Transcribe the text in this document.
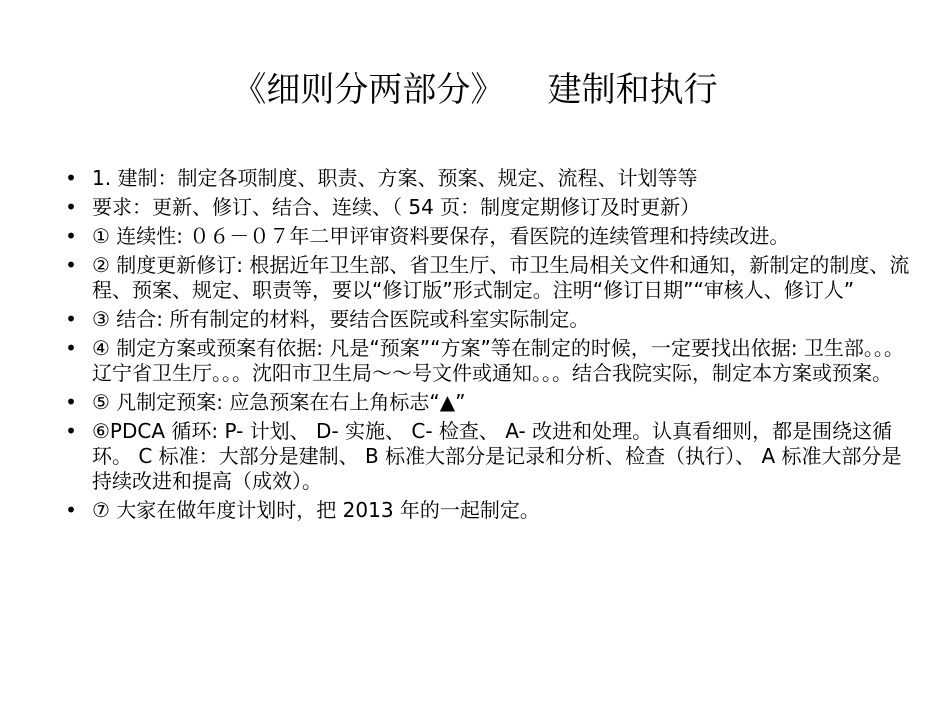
《细则分两部分》    建制和执行
• 1. 建制：制定各项制度、职责、方案、预案、规定、流程、计划等等
• 要求：更新、修订、结合、连续、（ 54 页：制度定期修订及时更新）
• ① 连续性: ０６－０７年二甲评审资料要保存，看医院的连续管理和持续改进。
• ② 制度更新修订: 根据近年卫生部、省卫生厅、市卫生局相关文件和通知，新制定的制度、流程、预案、规定、职责等，要以“修订版”形式制定。注明“修订日期”“审核人、修订人”
• ③ 结合: 所有制定的材料，要结合医院或科室实际制定。
• ④ 制定方案或预案有依据: 凡是“预案”“方案”等在制定的时候，一定要找出依据: 卫生部。。。辽宁省卫生厅。。。沈阳市卫生局～～号文件或通知。。。结合我院实际，制定本方案或预案。
• ⑤ 凡制定预案: 应急预案在右上角标志“▲”
• ⑥PDCA 循环: P- 计划、 D- 实施、 C- 检查、 A- 改进和处理。认真看细则，都是围绕这循环。 C 标准：大部分是建制、 B 标准大部分是记录和分析、检查（执行）、 A 标准大部分是持续改进和提高（成效）。
• ⑦ 大家在做年度计划时，把 2013 年的一起制定。
